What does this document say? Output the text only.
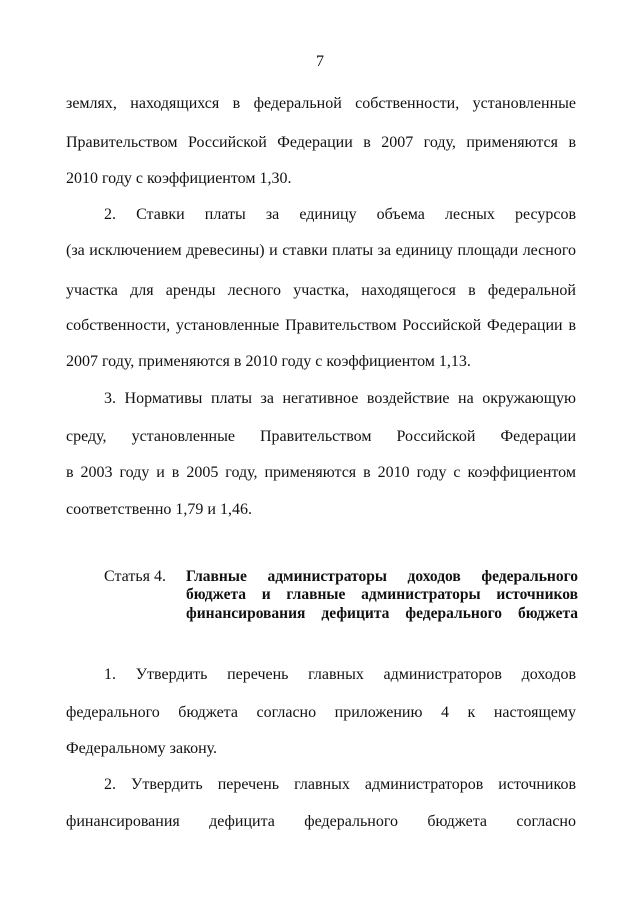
7
землях, находящихся в федеральной собственности, установленные
Правительством Российской Федерации в 2007 году, применяются в
2010 году с коэффициентом 1,30.
2. Ставки платы за единицу объема лесных ресурсов
(за исключением древесины) и ставки платы за единицу площади лесного
участка для аренды лесного участка, находящегося в федеральной
собственности, установленные Правительством Российской Федерации в
2007 году, применяются в 2010 году с коэффициентом 1,13.
3. Нормативы платы за негативное воздействие на окружающую
среду, установленные Правительством Российской Федерации
в 2003 году и в 2005 году, применяются в 2010 году с коэффициентом
соответственно 1,79 и 1,46.
Статья 4. Главные администраторы доходов федерального
бюджета и главные администраторы источников
финансирования дефицита федерального бюджета
1. Утвердить перечень главных администраторов доходов
федерального бюджета согласно приложению 4 к настоящему
Федеральному закону.
2. Утвердить перечень главных администраторов источников
финансирования дефицита федерального бюджета согласно
